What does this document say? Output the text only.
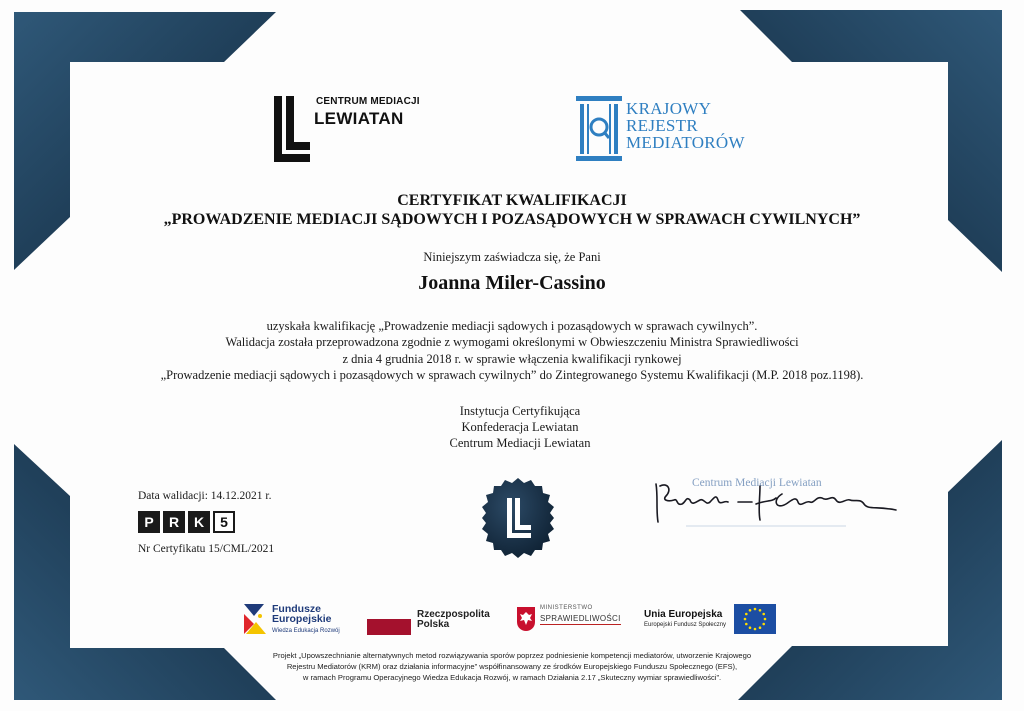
CENTRUM MEDIACJI
LEWIATAN
KRAJOWY
REJESTR
MEDIATORÓW
CERTYFIKAT KWALIFIKACJI
„PROWADZENIE MEDIACJI SĄDOWYCH I POZASĄDOWYCH W SPRAWACH CYWILNYCH”
Niniejszym zaświadcza się, że Pani
Joanna Miler-Cassino
uzyskała kwalifikację „Prowadzenie mediacji sądowych i pozasądowych w sprawach cywilnych”.
Walidacja została przeprowadzona zgodnie z wymogami określonymi w Obwieszczeniu Ministra Sprawiedliwości
z dnia 4 grudnia 2018 r. w sprawie włączenia kwalifikacji rynkowej
„Prowadzenie mediacji sądowych i pozasądowych w sprawach cywilnych” do Zintegrowanego Systemu Kwalifikacji (M.P. 2018 poz.1198).
Instytucja Certyfikująca
Konfederacja Lewiatan
Centrum Mediacji Lewiatan
Data walidacji: 14.12.2021 r.
P	R	K	5
Nr Certyfikatu 15/CML/2021
Centrum Mediacji Lewiatan
Fundusze
Europejskie
Wiedza Edukacja Rozwój
Rzeczpospolita
Polska
MINISTERSTWO
SPRAWIEDLIWOŚCI Unia Europejska
Europejski Fundusz Społeczny
Projekt „Upowszechnianie alternatywnych metod rozwiązywania sporów poprzez podniesienie kompetencji mediatorów, utworzenie Krajowego
Rejestru Mediatorów (KRM) oraz działania informacyjne” współfinansowany ze środków Europejskiego Funduszu Społecznego (EFS),
w ramach Programu Operacyjnego Wiedza Edukacja Rozwój, w ramach Działania 2.17 „Skuteczny wymiar sprawiedliwości”.
